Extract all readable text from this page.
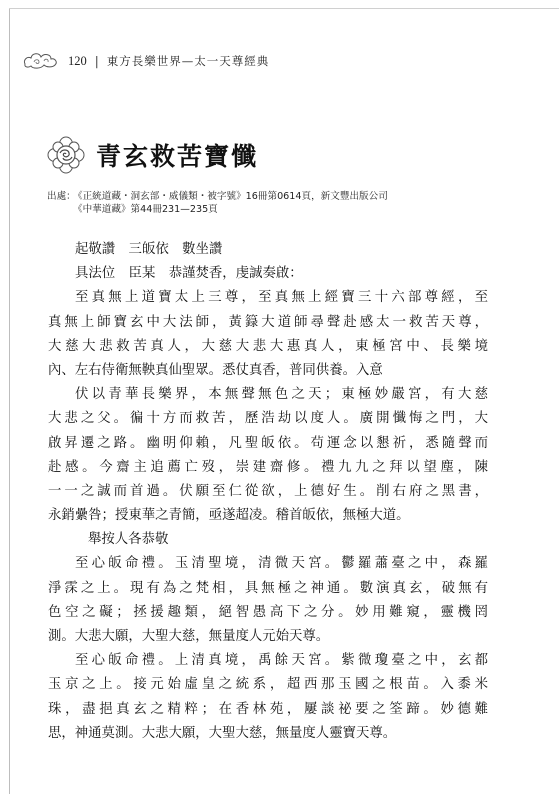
120 | 東方長樂世界—太一天尊經典
青玄救苦寶懺
出處：
《正統道藏・洞玄部・威儀類・被字號》16冊第0614頁，新文豐出版公司
《中華道藏》第44冊231—235頁
起敬讚　三皈依　數坐讚
具法位　臣某　恭謹焚香，虔誠奏啟：
至真無上道寶太上三尊，至真無上經寶三十六部尊經，至
真無上師寶玄中大法師，黃籙大道師尋聲赴感太一救苦天尊，
大慈大悲救苦真人，大慈大悲大惠真人，東極宮中、長樂境
內、左右侍衛無鞅真仙聖眾。悉仗真香，普同供養。入意
伏以青華長樂界，本無聲無色之天；東極妙嚴宮，有大慈
大悲之父。徧十方而救苦，歷浩劫以度人。廣開懺悔之門，大
啟昇遷之路。幽明仰賴，凡聖皈依。茍運念以懇祈，悉隨聲而
赴感。今齋主追薦亡歿，崇建齋修。禮九九之拜以望塵，陳
一一之誠而首過。伏願至仁從欲，上德好生。削右府之黑書，
永銷纍咎；授東華之青簡，亟遂超凌。稽首皈依，無極大道。
舉按人各恭敬
至心皈命禮。玉清聖境，清微天宮。鬱羅蕭臺之中，森羅
淨霂之上。現有為之梵相，具無極之神通。數演真玄，破無有
色空之礙；拯援趣類，絕智愚高下之分。妙用難窺，靈機罔
測。大悲大願，大聖大慈，無量度人元始天尊。
至心皈命禮。上清真境，禹餘天宮。紫微瓊臺之中，玄都
玉京之上。接元始虛皇之統系，超西那玉國之根苗。入黍米
珠，盡挹真玄之精粹；在香林苑，屢談祕要之筌蹄。妙德難
思，神通莫測。大悲大願，大聖大慈，無量度人靈寶天尊。
